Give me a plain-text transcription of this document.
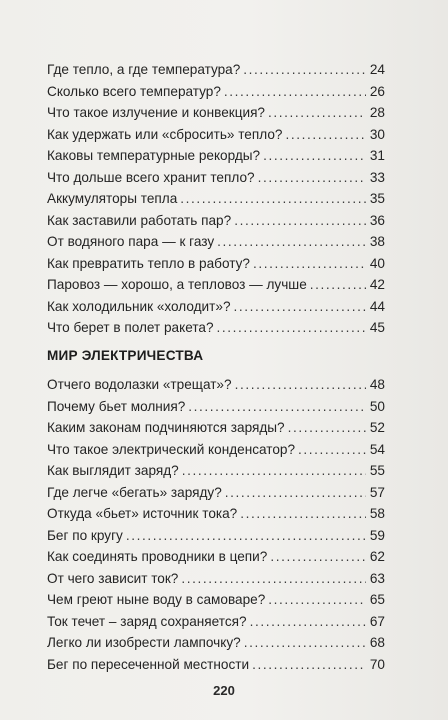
Где тепло, а где температура? .....	24
Сколько всего температур? .....	26
Что такое излучение и конвекция? .....	28
Как удержать или «сбросить» тепло? .....	30
Каковы температурные рекорды? .....	31
Что дольше всего хранит тепло? .....	33
Аккумуляторы тепла .....	35
Как заставили работать пар? .....	36
От водяного пара — к газу .....	38
Как превратить тепло в работу? .....	40
Паровоз — хорошо, а тепловоз — лучше .....	42
Как холодильник «холодит»? .....	44
Что берет в полет ракета? .....	45
МИР ЭЛЕКТРИЧЕСТВА
Отчего водолазки «трещат»? .....	48
Почему бьет молния? .....	50
Каким законам подчиняются заряды? .....	52
Что такое электрический конденсатор? .....	54
Как выглядит заряд? .....	55
Где легче «бегать» заряду? .....	57
Откуда «бьет» источник тока? .....	58
Бег по кругу .....	59
Как соединять проводники в цепи? .....	62
От чего зависит ток? .....	63
Чем греют ныне воду в самоваре? .....	65
Ток течет – заряд сохраняется? .....	67
Легко ли изобрести лампочку? .....	68
Бег по пересеченной местности .....	70
220
